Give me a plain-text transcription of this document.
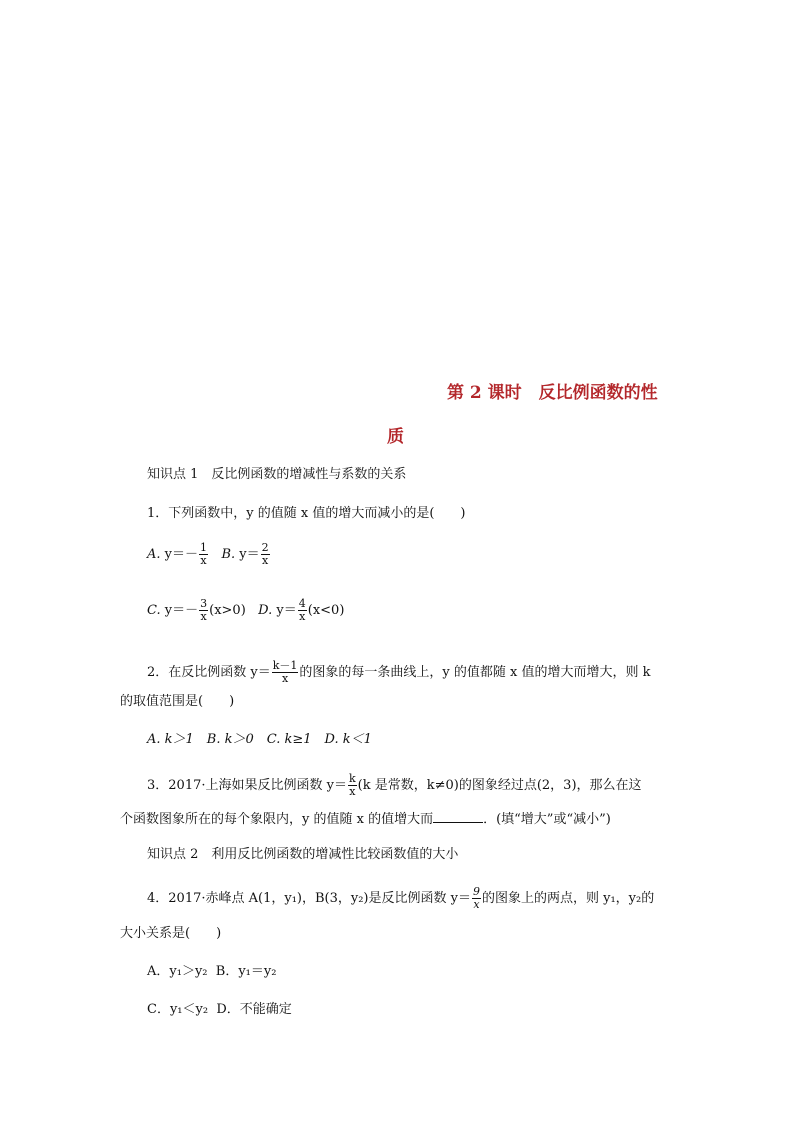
第 2 课时　反比例函数的性
质
知识点 1　反比例函数的增减性与系数的关系
1．下列函数中，y 的值随 x 值的增大而减小的是(　　)
A. $y=- \frac{1}{x} B$. $y= \frac{2}{x}$
C. $y=- \frac{3}{x} (x>0)$ D. $y= \frac{4}{x} (x<0)$
2．在反比例函数 $y= \frac{k-1}{x}$ 的图象的每一条曲线上，y 的值都随 x 值的增大而增大，则 k
的取值范围是(　　)
A. k＞1　B. k＞0　C. k≥1　D. k＜1
3．2017·上海如果反比例函数 $y= \frac{k}{x} (k$ 是常数，k≠0)的图象经过点(2，3)，那么在这
个函数图象所在的每个象限内，y 的值随 x 的值增大而	．(填“增大”或“减小”)
知识点 2　利用反比例函数的增减性比较函数值的大小
4．2017·赤峰点 A(1，y₁)，B(3，y₂)是反比例函数 $y= \frac{9}{x}$ 的图象上的两点，则 y₁，y₂的
大小关系是(　　)
A．y₁＞y₂ B．y₁＝y₂
C．y₁＜y₂ D．不能确定
